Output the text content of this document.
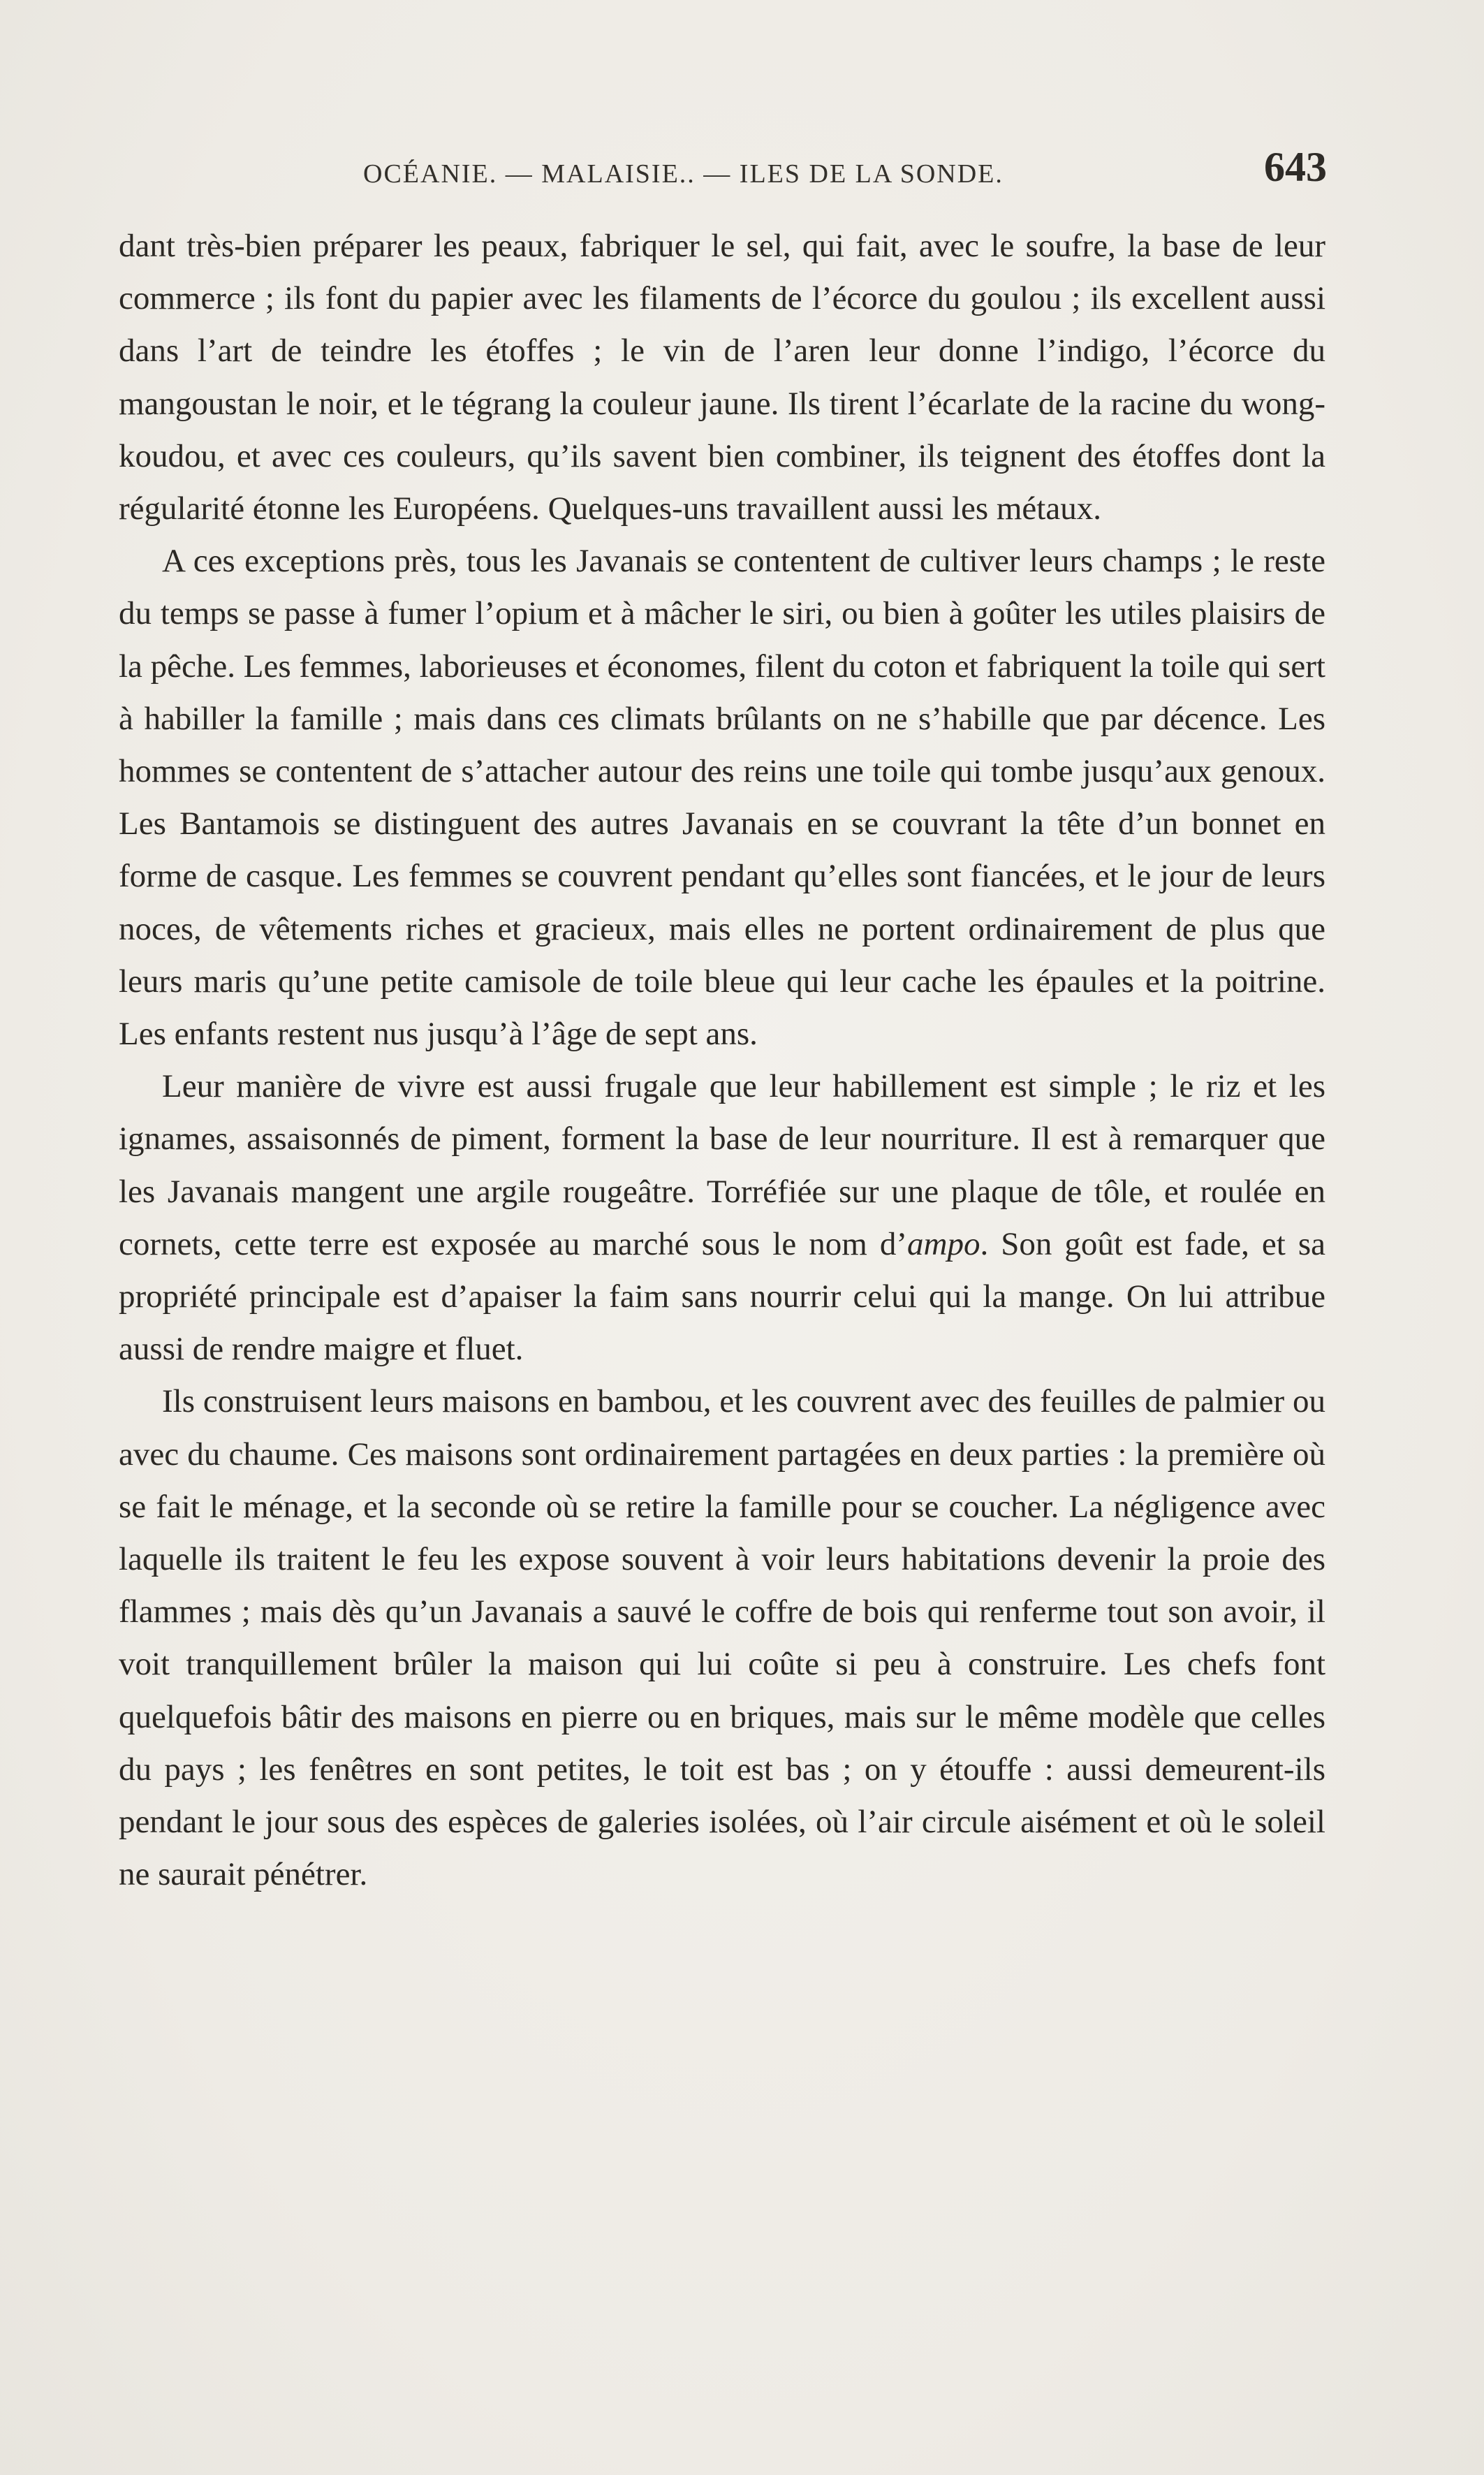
OCÉANIE. — MALAISIE.. — ILES DE LA SONDE.	643

dant très-bien préparer les peaux, fabriquer le sel, qui fait, avec le soufre, la base de leur commerce ; ils font du papier avec les filaments de l’écorce du goulou ; ils excellent aussi dans l’art de teindre les étoffes ; le vin de l’aren leur donne l’indigo, l’écorce du mangoustan le noir, et le tégrang la couleur jaune. Ils tirent l’écarlate de la racine du wong-koudou, et avec ces couleurs, qu’ils savent bien combiner, ils teignent des étoffes dont la régularité étonne les Européens. Quelques-uns travaillent aussi les métaux.

A ces exceptions près, tous les Javanais se contentent de cultiver leurs champs ; le reste du temps se passe à fumer l’opium et à mâcher le siri, ou bien à goûter les utiles plaisirs de la pêche. Les femmes, laborieuses et économes, filent du coton et fabriquent la toile qui sert à habiller la famille ; mais dans ces climats brûlants on ne s’habille que par décence. Les hommes se contentent de s’attacher autour des reins une toile qui tombe jusqu’aux genoux. Les Bantamois se distinguent des autres Javanais en se couvrant la tête d’un bonnet en forme de casque. Les femmes se couvrent pendant qu’elles sont fiancées, et le jour de leurs noces, de vêtements riches et gracieux, mais elles ne portent ordinairement de plus que leurs maris qu’une petite camisole de toile bleue qui leur cache les épaules et la poitrine. Les enfants restent nus jusqu’à l’âge de sept ans.

Leur manière de vivre est aussi frugale que leur habillement est simple ; le riz et les ignames, assaisonnés de piment, forment la base de leur nourriture. Il est à remarquer que les Javanais mangent une argile rougeâtre. Torréfiée sur une plaque de tôle, et roulée en cornets, cette terre est exposée au marché sous le nom d’ampo. Son goût est fade, et sa propriété principale est d’apaiser la faim sans nourrir celui qui la mange. On lui attribue aussi de rendre maigre et fluet.

Ils construisent leurs maisons en bambou, et les couvrent avec des feuilles de palmier ou avec du chaume. Ces maisons sont ordinairement partagées en deux parties : la première où se fait le ménage, et la seconde où se retire la famille pour se coucher. La négligence avec laquelle ils traitent le feu les expose souvent à voir leurs habitations devenir la proie des flammes ; mais dès qu’un Javanais a sauvé le coffre de bois qui renferme tout son avoir, il voit tranquillement brûler la maison qui lui coûte si peu à construire. Les chefs font quelquefois bâtir des maisons en pierre ou en briques, mais sur le même modèle que celles du pays ; les fenêtres en sont petites, le toit est bas ; on y étouffe : aussi demeurent-ils pendant le jour sous des espèces de galeries isolées, où l’air circule aisément et où le soleil ne saurait pénétrer.
